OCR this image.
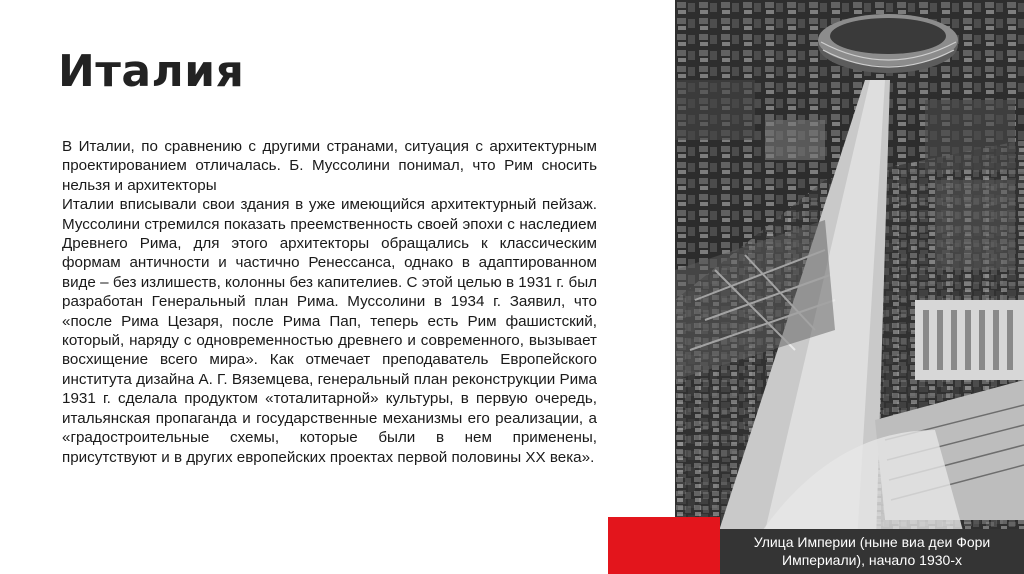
Италия

В Италии, по сравнению с другими странами, ситуация с архитектурным проектированием отличалась. Б. Муссолини понимал, что Рим сносить нельзя и архитекторы

Италии вписывали свои здания в уже имеющийся архитектурный пейзаж. Муссолини стремился показать преемственность своей эпохи с наследием Древнего Рима, для этого архитекторы обращались к классическим формам античности и частично Ренессанса, однако в адаптированном виде – без излишеств, колонны без капителиев. С этой целью в 1931 г. был разработан Генеральный план Рима. Муссолини в 1934 г. Заявил, что «после Рима Цезаря, после Рима Пап, теперь есть Рим фашистский, который, наряду с одновременностью древнего и современного, вызывает восхищение всего мира». Как отмечает преподаватель Европейского института дизайна А. Г. Вяземцева, генеральный план реконструкции Рима 1931 г. сделала продуктом «тоталитарной» культуры, в первую очередь, итальянская пропаганда и государственные механизмы его реализации, а «градостроительные схемы, которые были в нем применены, присутствуют и в других европейских проектах первой половины XX века».

Улица Империи (ныне виа деи Фори
Империали), начало 1930-х
